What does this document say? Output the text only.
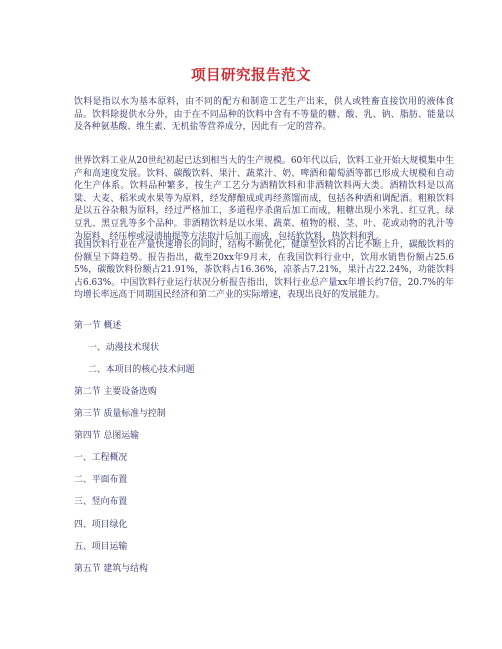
项目研究报告范文
饮料是指以水为基本原料，由不同的配方和制造工艺生产出来，供人或牲畜直接饮用的液体食品。饮料除提供水分外，由于在不同品种的饮料中含有不等量的糖、酸、乳、钠、脂肪、能量以及各种氨基酸、维生素、无机盐等营养成分，因此有一定的营养。
世界饮料工业从20世纪初起已达到相当大的生产规模。60年代以后，饮料工业开始大规模集中生产和高速度发展。饮料、碳酸饮料、果汁、蔬菜汁、奶、啤酒和葡萄酒等都已形成大规模和自动化生产体系。饮料品种繁多，按生产工艺分为酒精饮料和非酒精饮料两大类。酒精饮料是以高粱、大麦、稻米或水果等为原料，经发酵酿成或再经蒸馏而成，包括各种酒和调配酒。粗粮饮料是以五谷杂粮为原料，经过严格加工，多道程序杀菌后加工而成，粗糖出现小米乳、红豆乳、绿豆乳、黑豆乳等多个品种。非酒精饮料是以水果、蔬菜、植物的根、茎、叶、花或动物的乳汁等为原料，经压榨或浸渍抽提等方法取汁后加工而成，包括软饮料、热饮料和乳。
我国饮料行业在产量快速增长的同时，结构不断优化，健康型饮料的占比不断上升，碳酸饮料的份额呈下降趋势。报告指出，截至20xx年9月末，在我国饮料行业中，饮用水销售份额占25.65%，碳酸饮料份额占21.91%，茶饮料占16.36%，凉茶占7.21%，果汁占22.24%，功能饮料占6.63%。中国饮料行业运行状况分析报告指出，饮料行业总产量xx年增长约7倍，20.7%的年均增长率远高于同期国民经济和第二产业的实际增速，表现出良好的发展能力。
第一节 概述
一、动漫技术现状
二、本项目的核心技术问题
第二节 主要设备选购
第三节 质量标准与控制
第四节 总图运输
一、工程概况
二、平面布置
三、竖向布置
四、项目绿化
五、项目运输
第五节 建筑与结构
